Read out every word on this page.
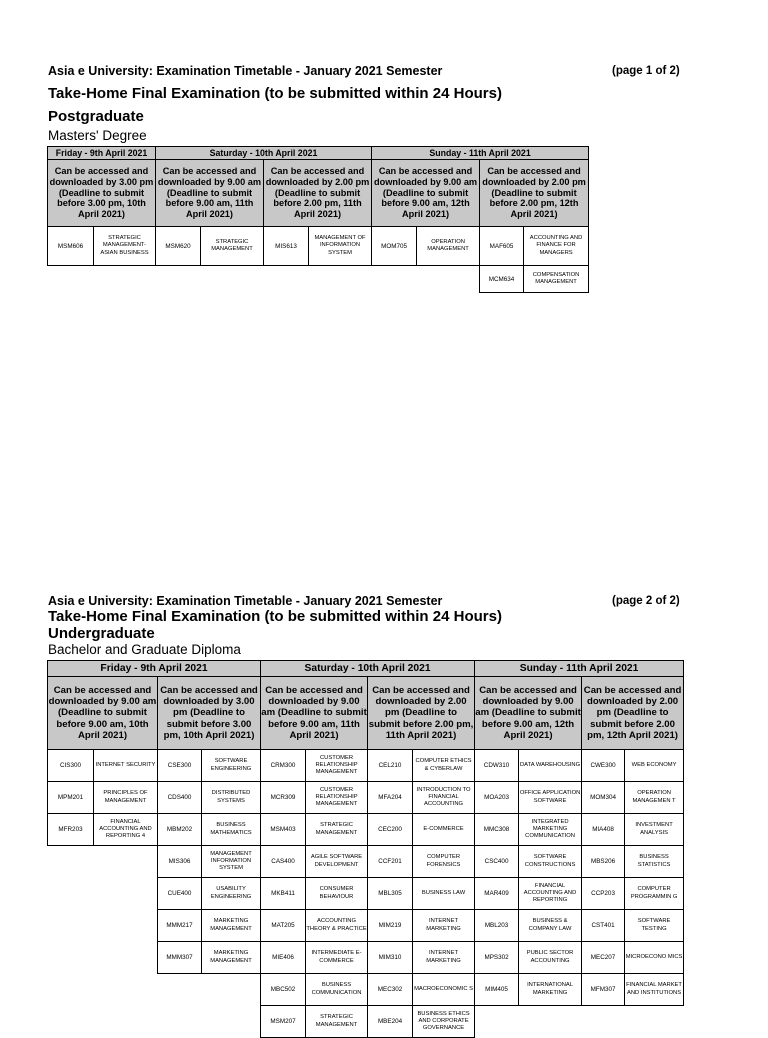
Asia e University: Examination Timetable - January 2021 Semester	(page 1 of 2)
Take-Home Final Examination (to be submitted within 24 Hours)
Postgraduate
Masters' Degree
Friday - 9th April 2021		Saturday - 10th April 2021				Sunday - 11th April 2021			
Can be accessed and downloaded by 3.00 pm (Deadline to submit before 3.00 pm, 10th April 2021)		Can be accessed and downloaded by 9.00 am (Deadline to submit before 9.00 am, 11th April 2021)		Can be accessed and downloaded by 2.00 pm (Deadline to submit before 2.00 pm, 11th April 2021)		Can be accessed and downloaded by 9.00 am (Deadline to submit before 9.00 am, 12th April 2021)		Can be accessed and downloaded by 2.00 pm (Deadline to submit before 2.00 pm, 12th April 2021)	
MSM606	STRATEGIC MANAGEMENT- ASIAN BUSINESS	MSM620	STRATEGIC MANAGEMENT	MIS613	MANAGEMENT OF INFORMATION SYSTEM	MOM705	OPERATION MANAGEMENT	MAF605	ACCOUNTING AND FINANCE FOR MANAGERS
								MCM634	COMPENSATION MANAGEMENT
Asia e University: Examination Timetable - January 2021 Semester	(page 2 of 2)
Take-Home Final Examination (to be submitted within 24 Hours)
Undergraduate
Bachelor and Graduate Diploma
Friday - 9th April 2021				Saturday - 10th April 2021				Sunday - 11th April 2021			
Can be accessed and downloaded by 9.00 am (Deadline to submit before 9.00 am, 10th April 2021)		Can be accessed and downloaded by 3.00 pm (Deadline to submit before 3.00 pm, 10th April 2021)		Can be accessed and downloaded by 9.00 am (Deadline to submit before 9.00 am, 11th April 2021)		Can be accessed and downloaded by 2.00 pm (Deadline to submit before 2.00 pm, 11th April 2021)		Can be accessed and downloaded by 9.00 am (Deadline to submit before 9.00 am, 12th April 2021)		Can be accessed and downloaded by 2.00 pm (Deadline to submit before 2.00 pm, 12th April 2021)	
CIS300	INTERNET SECURITY	CSE300	SOFTWARE ENGINEERING	CRM300	CUSTOMER RELATIONSHIP MANAGEMENT	CEL210	COMPUTER ETHICS & CYBERLAW	CDW310	DATA WAREHOUSING	CWE300	WEB ECONOMY
MPM201	PRINCIPLES OF MANAGEMENT	CDS400	DISTRIBUTED SYSTEMS	MCR309	CUSTOMER RELATIONSHIP MANAGEMENT	MFA204	INTRODUCTION TO FINANCIAL ACCOUNTING	MOA203	OFFICE APPLICATION SOFTWARE	MOM304	OPERATION MANAGEMEN T
MFR203	FINANCIAL ACCOUNTING AND REPORTING 4	MBM202	BUSINESS MATHEMATICS	MSM403	STRATEGIC MANAGEMENT	CEC200	E-COMMERCE	MMC308	INTEGRATED MARKETING COMMUNICATION	MIA408	INVESTMENT ANALYSIS
		MIS306	MANAGEMENT INFORMATION SYSTEM	CAS400	AGILE SOFTWARE DEVELOPMENT	CCF201	COMPUTER FORENSICS	CSC400	SOFTWARE CONSTRUCTIONS	MBS206	BUSINESS STATISTICS
		CUE400	USABILITY ENGINEERING	MKB411	CONSUMER BEHAVIOUR	MBL305	BUSINESS LAW	MAR409	FINANCIAL ACCOUNTING AND REPORTING	CCP203	COMPUTER PROGRAMMIN G
		MMM217	MARKETING MANAGEMENT	MAT205	ACCOUNTING THEORY & PRACTICE	MIM219	INTERNET MARKETING	MBL203	BUSINESS & COMPANY LAW	CST401	SOFTWARE TESTING
		MMM307	MARKETING MANAGEMENT	MIE406	INTERMEDIATE E-COMMERCE	MIM310	INTERNET MARKETING	MPS302	PUBLIC SECTOR ACCOUNTING	MEC207	MICROECONO MICS
				MBC502	BUSINESS COMMUNICATION	MEC302	MACROECONOMIC S	MIM405	INTERNATIONAL MARKETING	MFM307	FINANCIAL MARKET AND INSTITUTIONS
				MSM207	STRATEGIC MANAGEMENT	MBE204	BUSINESS ETHICS AND CORPORATE GOVERNANCE				
